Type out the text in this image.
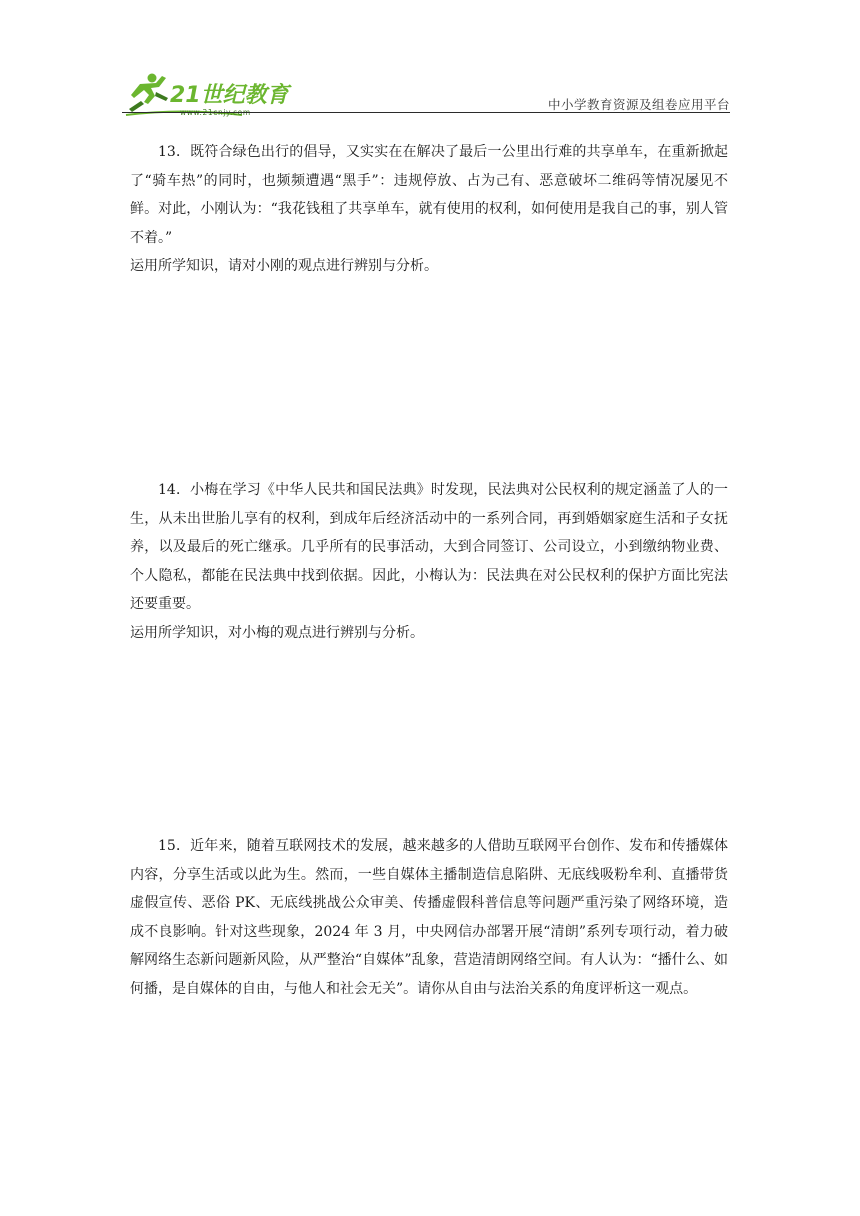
21世纪教育
www.21cnjy.com
中小学教育资源及组卷应用平台

13．既符合绿色出行的倡导，又实实在在解决了最后一公里出行难的共享单车，在重新掀起了“骑车热”的同时，也频频遭遇“黑手”：违规停放、占为己有、恶意破坏二维码等情况屡见不鲜。对此，小刚认为：“我花钱租了共享单车，就有使用的权利，如何使用是我自己的事，别人管不着。”

运用所学知识，请对小刚的观点进行辨别与分析。

14．小梅在学习《中华人民共和国民法典》时发现，民法典对公民权利的规定涵盖了人的一生，从未出世胎儿享有的权利，到成年后经济活动中的一系列合同，再到婚姻家庭生活和子女抚养，以及最后的死亡继承。几乎所有的民事活动，大到合同签订、公司设立，小到缴纳物业费、个人隐私，都能在民法典中找到依据。因此，小梅认为：民法典在对公民权利的保护方面比宪法还要重要。

运用所学知识，对小梅的观点进行辨别与分析。

15．近年来，随着互联网技术的发展，越来越多的人借助互联网平台创作、发布和传播媒体内容，分享生活或以此为生。然而，一些自媒体主播制造信息陷阱、无底线吸粉牟利、直播带货虚假宣传、恶俗 PK、无底线挑战公众审美、传播虚假科普信息等问题严重污染了网络环境，造成不良影响。针对这些现象，2024 年 3 月，中央网信办部署开展“清朗”系列专项行动，着力破解网络生态新问题新风险，从严整治“自媒体”乱象，营造清朗网络空间。有人认为：“播什么、如何播，是自媒体的自由，与他人和社会无关”。请你从自由与法治关系的角度评析这一观点。
